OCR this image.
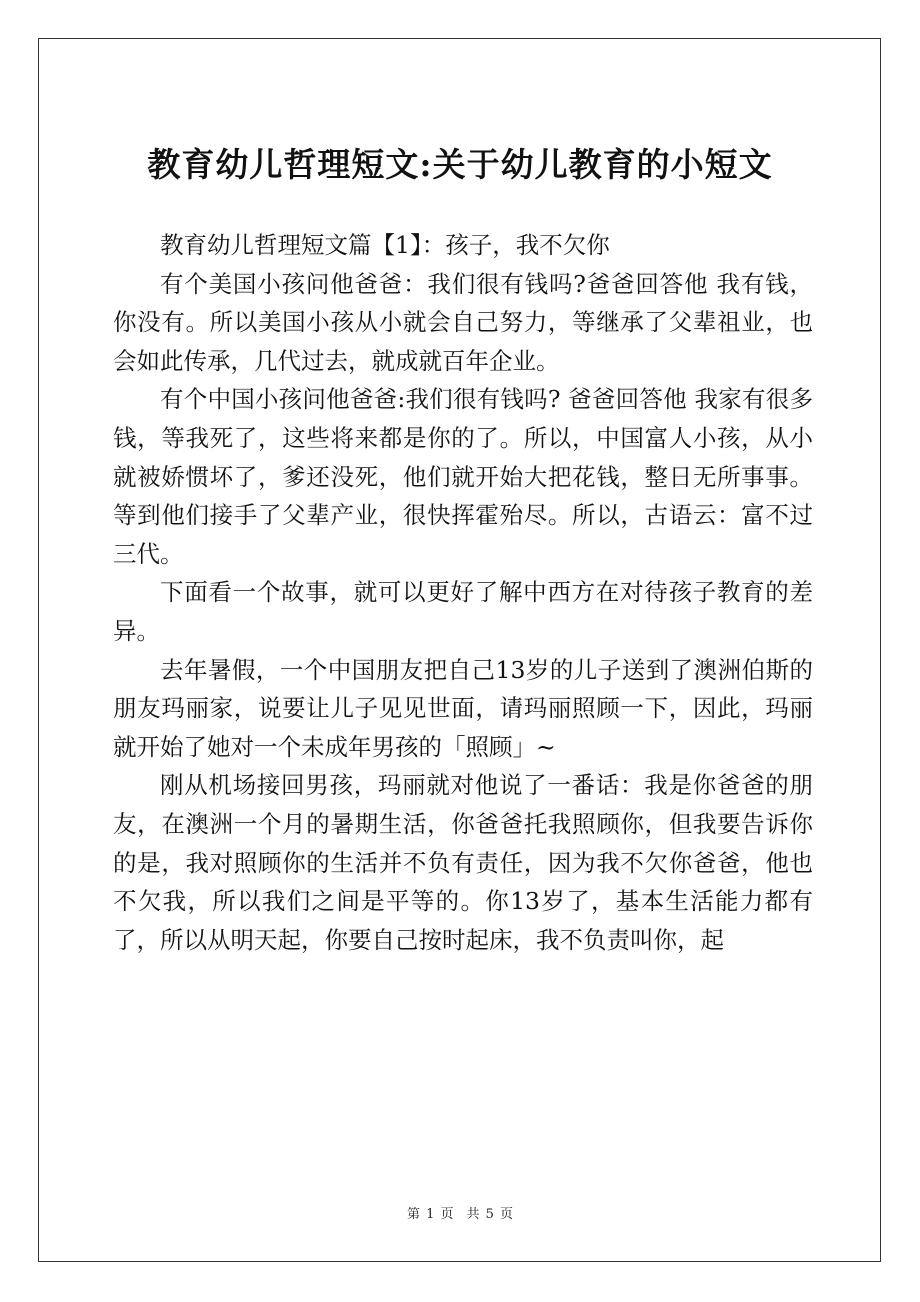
教育幼儿哲理短文:关于幼儿教育的小短文

教育幼儿哲理短文篇【1】：孩子，我不欠你

有个美国小孩问他爸爸：我们很有钱吗?爸爸回答他 我有钱，你没有。所以美国小孩从小就会自己努力，等继承了父辈祖业，也会如此传承，几代过去，就成就百年企业。

有个中国小孩问他爸爸:我们很有钱吗? 爸爸回答他 我家有很多钱，等我死了，这些将来都是你的了。所以，中国富人小孩，从小就被娇惯坏了，爹还没死，他们就开始大把花钱，整日无所事事。等到他们接手了父辈产业，很快挥霍殆尽。所以，古语云：富不过三代。

下面看一个故事，就可以更好了解中西方在对待孩子教育的差异。

去年暑假，一个中国朋友把自己13岁的儿子送到了澳洲伯斯的朋友玛丽家，说要让儿子见见世面，请玛丽照顾一下，因此，玛丽就开始了她对一个未成年男孩的「照顾」~

刚从机场接回男孩，玛丽就对他说了一番话：我是你爸爸的朋友，在澳洲一个月的暑期生活，你爸爸托我照顾你，但我要告诉你的是，我对照顾你的生活并不负有责任，因为我不欠你爸爸，他也不欠我，所以我们之间是平等的。你13岁了，基本生活能力都有了，所以从明天起，你要自己按时起床，我不负责叫你，起

第 1 页　共 5 页
